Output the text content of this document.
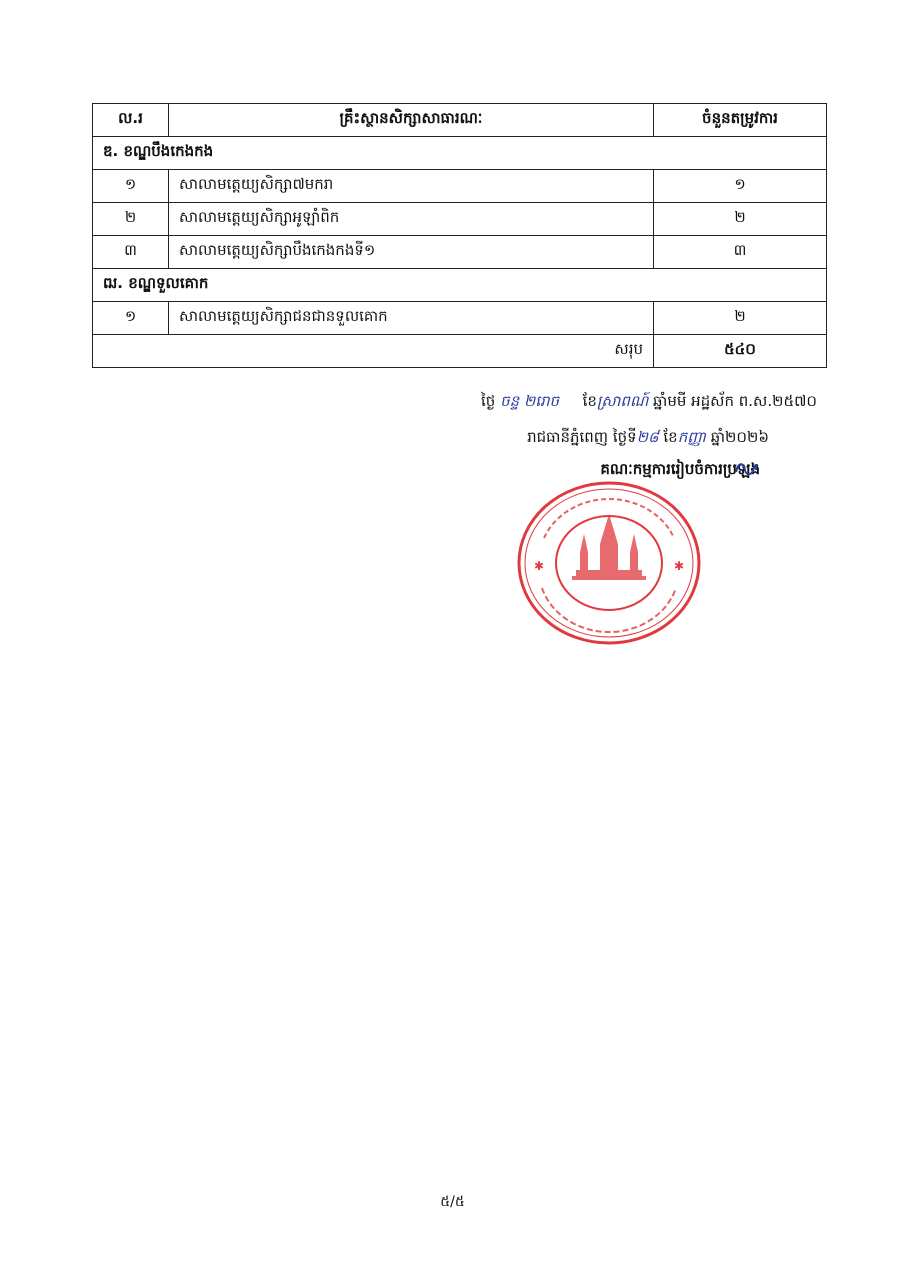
ល.រ	គ្រឹះស្ថានសិក្សាសាធារណៈ	ចំនួនតម្រូវការ
ឌ. ខណ្ឌបឹងកេងកង		
១	សាលាមត្តេយ្យសិក្សា៧មករា	១
២	សាលាមត្តេយ្យសិក្សាអូឡាំពិក	២
៣	សាលាមត្តេយ្យសិក្សាបឹងកេងកងទី១	៣
ឍ. ខណ្ឌទួលគោក		
១	សាលាមត្តេយ្យសិក្សាជនជានទួលគោក	២
សរុប		៥៤០
ថ្ងៃ ចន្ទ ២រោច ខែស្រាពណ៍ ឆ្នាំមមី អដ្ឋស័ក ព.ស.២៥៧០
រាជធានីភ្នំពេញ ថ្ងៃទី២៨ ខែកញ្ញា ឆ្នាំ២០២៦
គណៈកម្មការរៀបចំការប្រឡង
✱	✱
៥/៥
